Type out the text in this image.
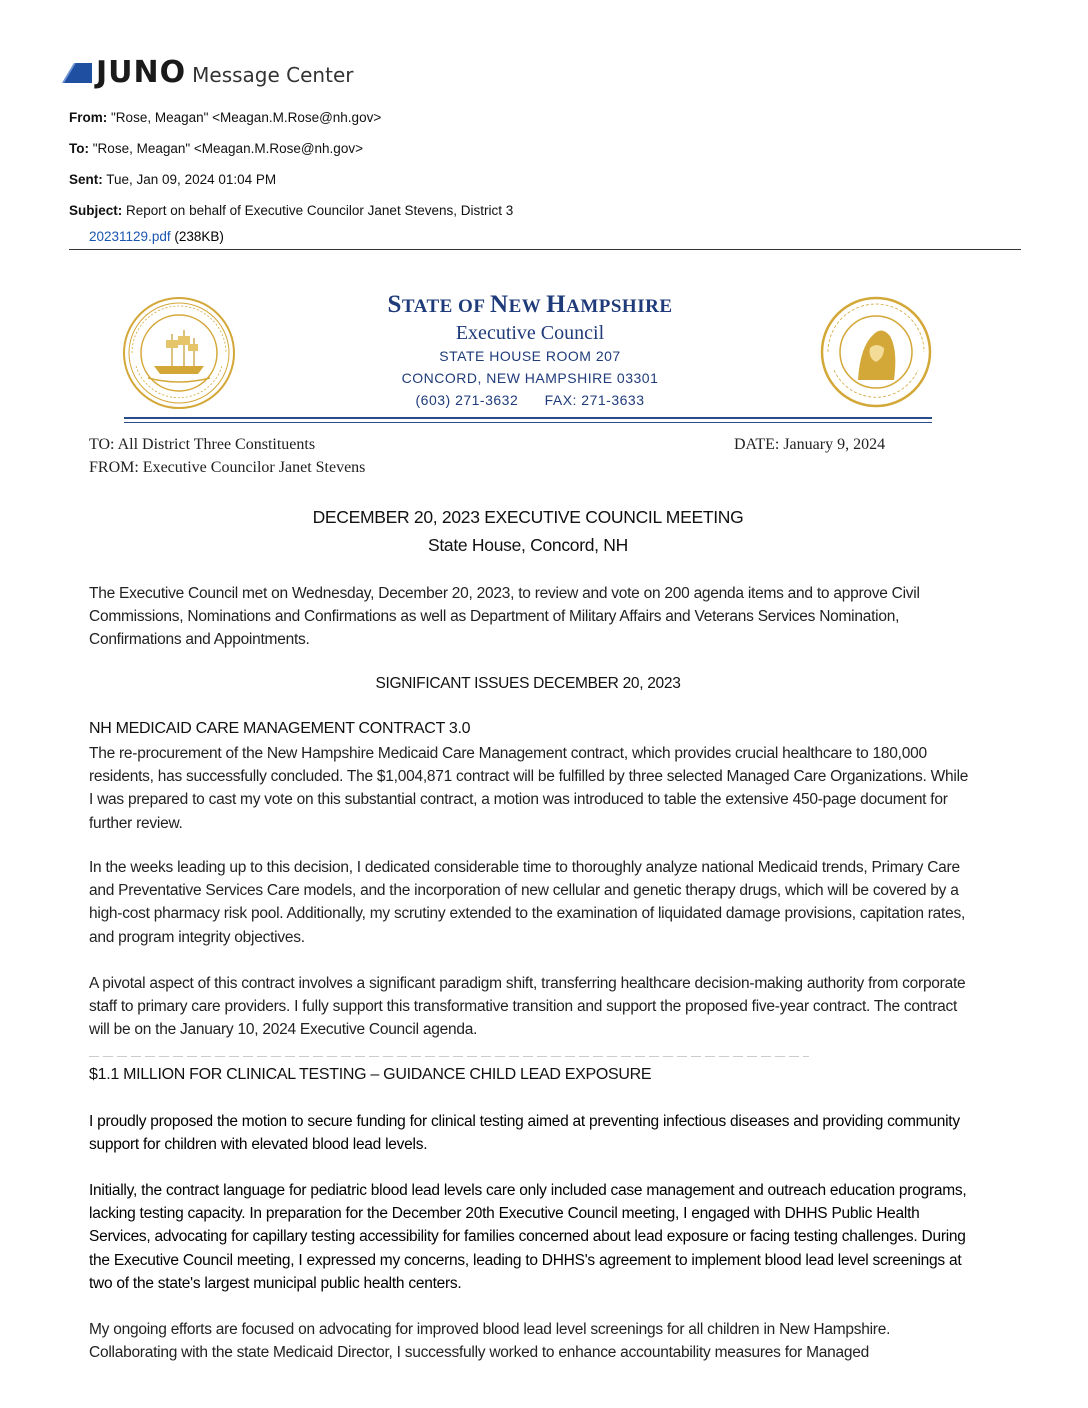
JUNO Message Center
From: "Rose, Meagan" <Meagan.M.Rose@nh.gov>
To: "Rose, Meagan" <Meagan.M.Rose@nh.gov>
Sent: Tue, Jan 09, 2024 01:04 PM
Subject: Report on behalf of Executive Councilor Janet Stevens, District 3
20231129.pdf (238KB)
STATE OF NEW HAMPSHIRE
Executive Council
STATE HOUSE ROOM 207
CONCORD, NEW HAMPSHIRE 03301
(603) 271-3632      FAX: 271-3633
TO: All District Three Constituents
FROM: Executive Councilor Janet Stevens
DATE: January 9, 2024
DECEMBER 20, 2023 EXECUTIVE COUNCIL MEETING
State House, Concord, NH
The Executive Council met on Wednesday, December 20, 2023, to review and vote on 200 agenda items and to approve Civil Commissions, Nominations and Confirmations as well as Department of Military Affairs and Veterans Services Nomination, Confirmations and Appointments.
SIGNIFICANT ISSUES DECEMBER 20, 2023
NH MEDICAID CARE MANAGEMENT CONTRACT 3.0
The re-procurement of the New Hampshire Medicaid Care Management contract, which provides crucial healthcare to 180,000 residents, has successfully concluded. The $1,004,871 contract will be fulfilled by three selected Managed Care Organizations. While I was prepared to cast my vote on this substantial contract, a motion was introduced to table the extensive 450-page document for further review.
In the weeks leading up to this decision, I dedicated considerable time to thoroughly analyze national Medicaid trends, Primary Care and Preventative Services Care models, and the incorporation of new cellular and genetic therapy drugs, which will be covered by a high-cost pharmacy risk pool. Additionally, my scrutiny extended to the examination of liquidated damage provisions, capitation rates, and program integrity objectives.
A pivotal aspect of this contract involves a significant paradigm shift, transferring healthcare decision-making authority from corporate staff to primary care providers. I fully support this transformative transition and support the proposed five-year contract. The contract will be on the January 10, 2024 Executive Council agenda.
$1.1 MILLION FOR CLINICAL TESTING – GUIDANCE CHILD LEAD EXPOSURE
I proudly proposed the motion to secure funding for clinical testing aimed at preventing infectious diseases and providing community support for children with elevated blood lead levels.
Initially, the contract language for pediatric blood lead levels care only included case management and outreach education programs, lacking testing capacity. In preparation for the December 20th Executive Council meeting, I engaged with DHHS Public Health Services, advocating for capillary testing accessibility for families concerned about lead exposure or facing testing challenges. During the Executive Council meeting, I expressed my concerns, leading to DHHS's agreement to implement blood lead level screenings at two of the state's largest municipal public health centers.
My ongoing efforts are focused on advocating for improved blood lead level screenings for all children in New Hampshire. Collaborating with the state Medicaid Director, I successfully worked to enhance accountability measures for Managed
